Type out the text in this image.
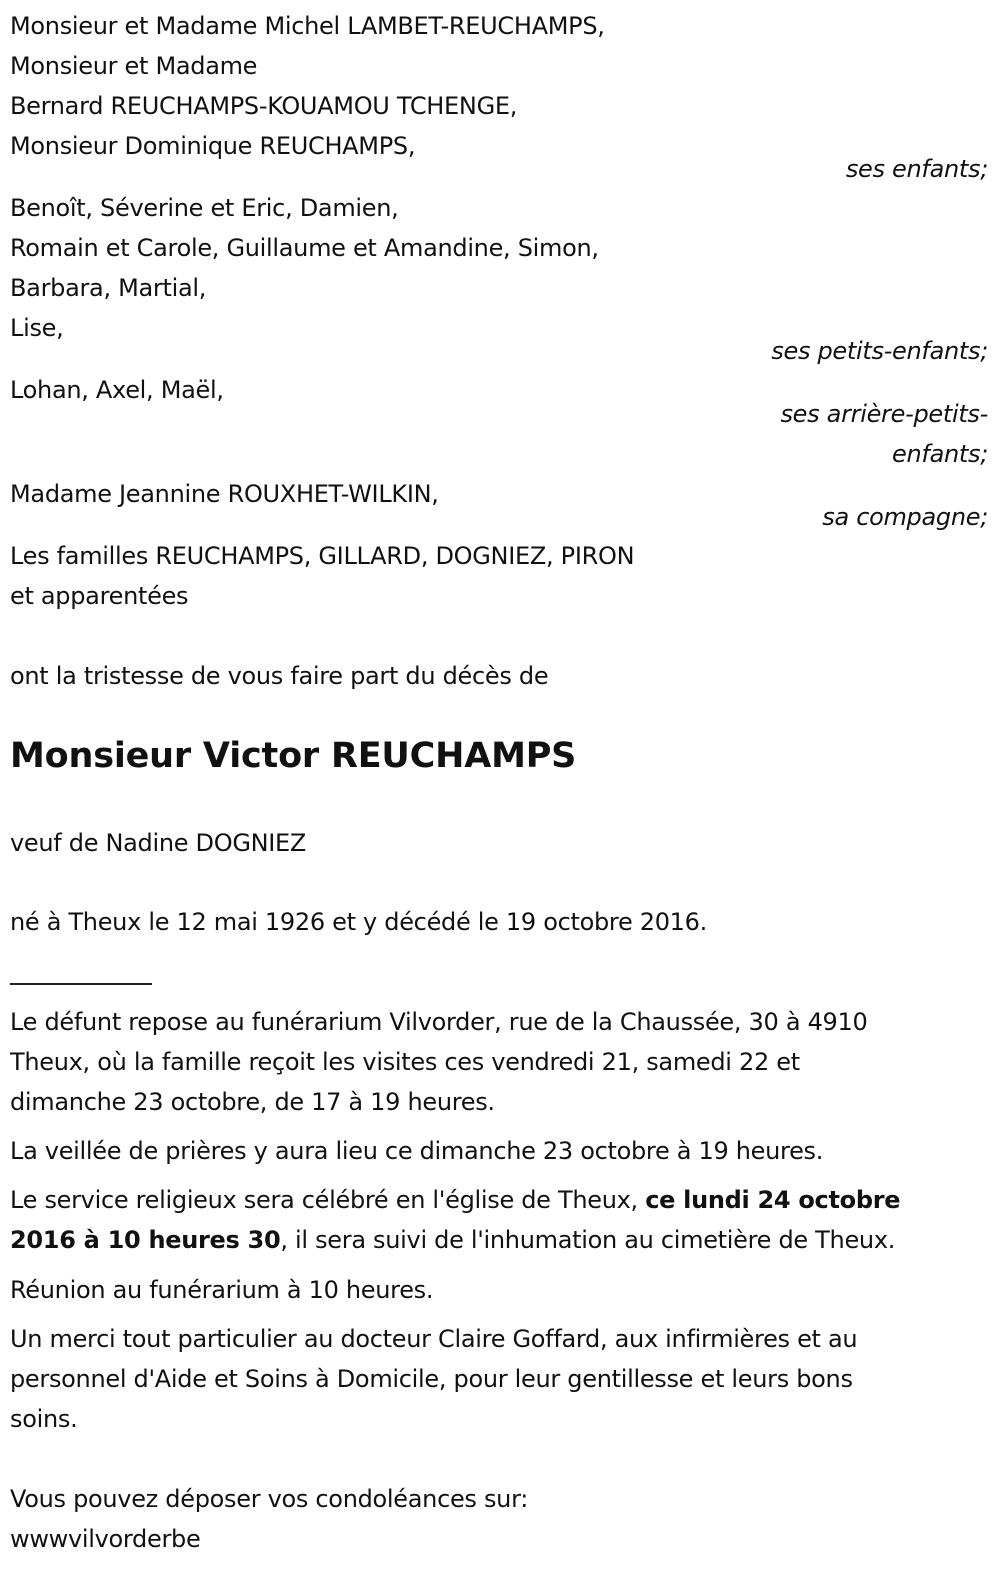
Monsieur et Madame Michel LAMBET-REUCHAMPS,
Monsieur et Madame
Bernard REUCHAMPS-KOUAMOU TCHENGE,
Monsieur Dominique REUCHAMPS,
ses enfants;
Benoît, Séverine et Eric, Damien,
Romain et Carole, Guillaume et Amandine, Simon,
Barbara, Martial,
Lise,
ses petits-enfants;
Lohan, Axel, Maël,
ses arrière-petits-
enfants;
Madame Jeannine ROUXHET-WILKIN,
sa compagne;
Les familles REUCHAMPS, GILLARD, DOGNIEZ, PIRON
et apparentées
ont la tristesse de vous faire part du décès de
Monsieur Victor REUCHAMPS
veuf de Nadine DOGNIEZ
né à Theux le 12 mai 1926 et y décédé le 19 octobre 2016.
Le défunt repose au funérarium Vilvorder, rue de la Chaussée, 30 à 4910
Theux, où la famille reçoit les visites ces vendredi 21, samedi 22 et
dimanche 23 octobre, de 17 à 19 heures.
La veillée de prières y aura lieu ce dimanche 23 octobre à 19 heures.
Le service religieux sera célébré en l'église de Theux, ce lundi 24 octobre
2016 à 10 heures 30, il sera suivi de l'inhumation au cimetière de Theux.
Réunion au funérarium à 10 heures.
Un merci tout particulier au docteur Claire Goffard, aux infirmières et au
personnel d'Aide et Soins à Domicile, pour leur gentillesse et leurs bons
soins.
Vous pouvez déposer vos condoléances sur:
wwwvilvorderbe
